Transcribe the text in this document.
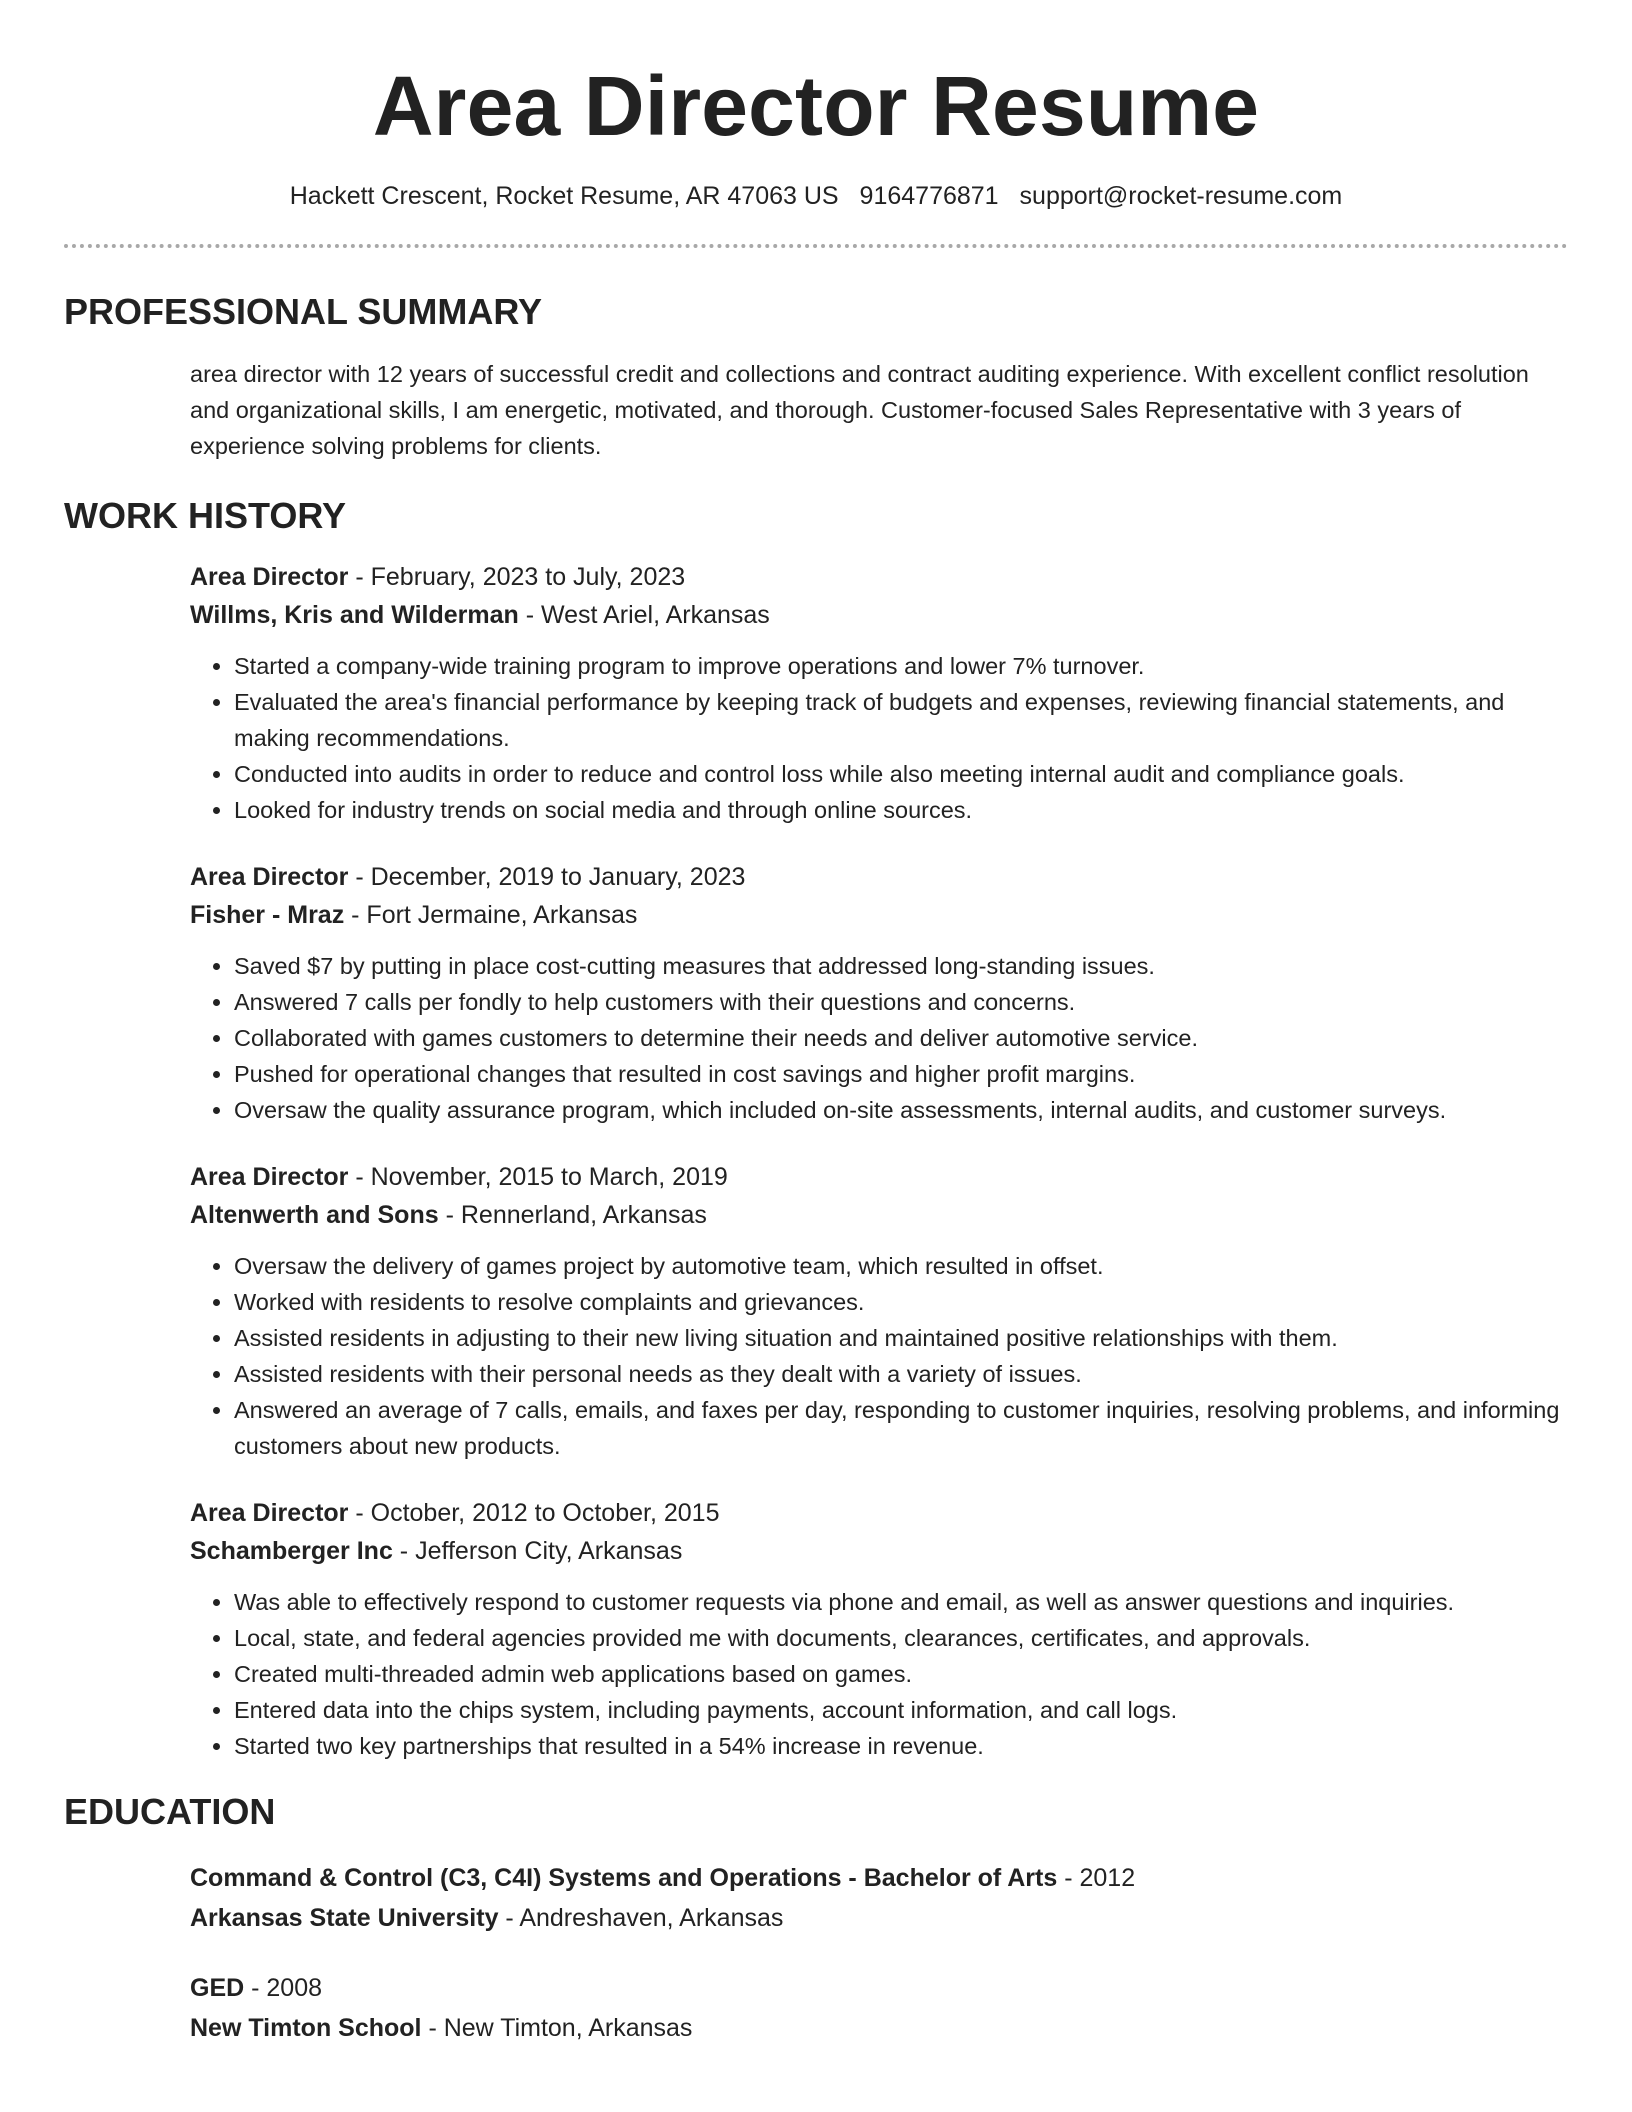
Area Director Resume
Hackett Crescent, Rocket Resume, AR 47063 US 9164776871 support@rocket-resume.com
PROFESSIONAL SUMMARY

area director with 12 years of successful credit and collections and contract auditing experience. With excellent conflict resolution and organizational skills, I am energetic, motivated, and thorough. Customer-focused Sales Representative with 3 years of experience solving problems for clients.

WORK HISTORY
Area Director - February, 2023 to July, 2023
Willms, Kris and Wilderman - West Ariel, Arkansas
• Started a company-wide training program to improve operations and lower 7% turnover.
• Evaluated the area's financial performance by keeping track of budgets and expenses, reviewing financial statements, and making recommendations.
• Conducted into audits in order to reduce and control loss while also meeting internal audit and compliance goals.
• Looked for industry trends on social media and through online sources.
Area Director - December, 2019 to January, 2023
Fisher - Mraz - Fort Jermaine, Arkansas
• Saved $7 by putting in place cost-cutting measures that addressed long-standing issues.
• Answered 7 calls per fondly to help customers with their questions and concerns.
• Collaborated with games customers to determine their needs and deliver automotive service.
• Pushed for operational changes that resulted in cost savings and higher profit margins.
• Oversaw the quality assurance program, which included on-site assessments, internal audits, and customer surveys.
Area Director - November, 2015 to March, 2019
Altenwerth and Sons - Rennerland, Arkansas
• Oversaw the delivery of games project by automotive team, which resulted in offset.
• Worked with residents to resolve complaints and grievances.
• Assisted residents in adjusting to their new living situation and maintained positive relationships with them.
• Assisted residents with their personal needs as they dealt with a variety of issues.
• Answered an average of 7 calls, emails, and faxes per day, responding to customer inquiries, resolving problems, and informing customers about new products.
Area Director - October, 2012 to October, 2015
Schamberger Inc - Jefferson City, Arkansas
• Was able to effectively respond to customer requests via phone and email, as well as answer questions and inquiries.
• Local, state, and federal agencies provided me with documents, clearances, certificates, and approvals.
• Created multi-threaded admin web applications based on games.
• Entered data into the chips system, including payments, account information, and call logs.
• Started two key partnerships that resulted in a 54% increase in revenue.
EDUCATION
Command & Control (C3, C4I) Systems and Operations - Bachelor of Arts - 2012
Arkansas State University - Andreshaven, Arkansas
GED - 2008
New Timton School - New Timton, Arkansas
